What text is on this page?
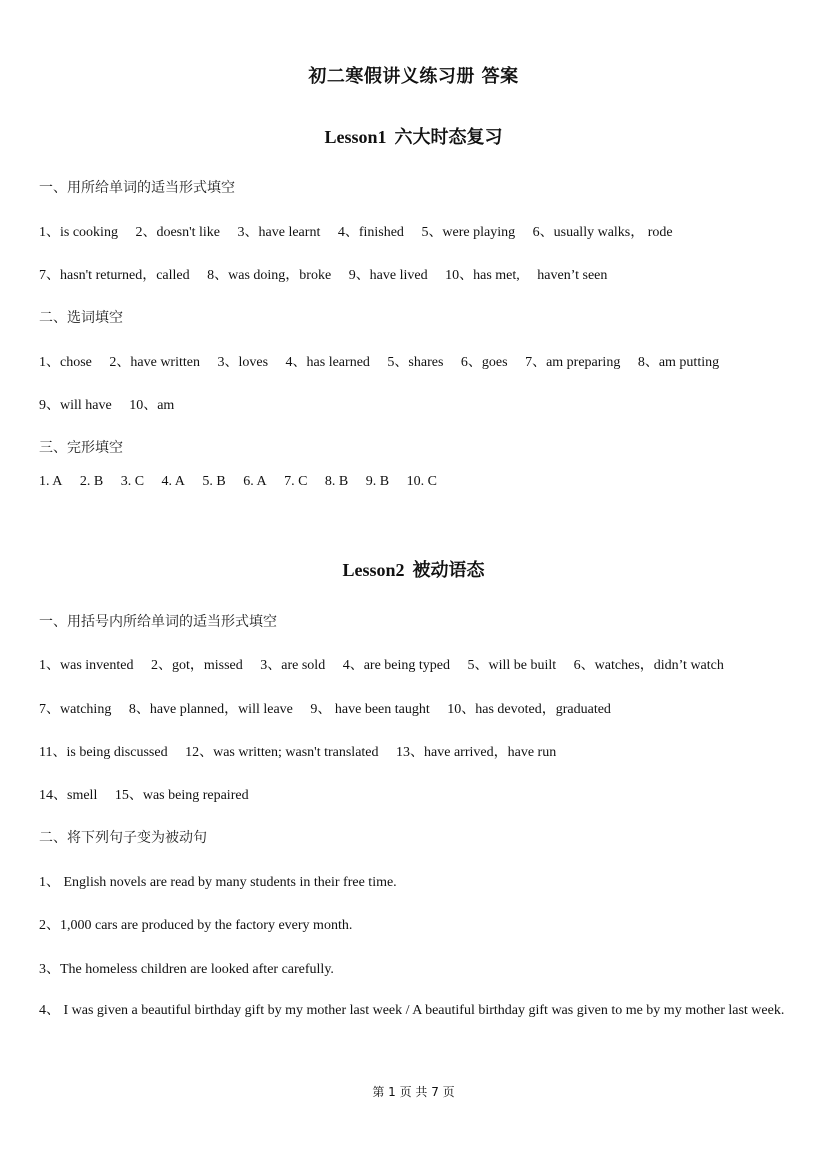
初二寒假讲义练习册 答案
Lesson1 六大时态复习
一、用所给单词的适当形式填空
1、is cooking 2、doesn't like 3、have learnt 4、finished 5、were playing 6、usually walks， rode
7、hasn't returned，called 8、was doing，broke 9、have lived 10、has met, haven’t seen
二、选词填空
1、chose 2、have written 3、loves 4、has learned 5、shares 6、goes 7、am preparing 8、am putting
9、will have 10、am
三、完形填空
1. A 2. B 3. C 4. A 5. B 6. A 7. C 8. B 9. B 10. C
Lesson2 被动语态
一、用括号内所给单词的适当形式填空
1、was invented 2、got，missed 3、are sold 4、are being typed 5、will be built 6、watches，didn’t watch
7、watching 8、have planned，will leave 9、 have been taught 10、has devoted，graduated
11、is being discussed 12、was written; wasn't translated 13、have arrived，have run
14、smell 15、was being repaired
二、将下列句子变为被动句
1、 English novels are read by many students in their free time.
2、1,000 cars are produced by the factory every month.
3、The homeless children are looked after carefully.
4、 I was given a beautiful birthday gift by my mother last week / A beautiful birthday gift was given to me by my mother last week.
第 1 页 共 7 页
